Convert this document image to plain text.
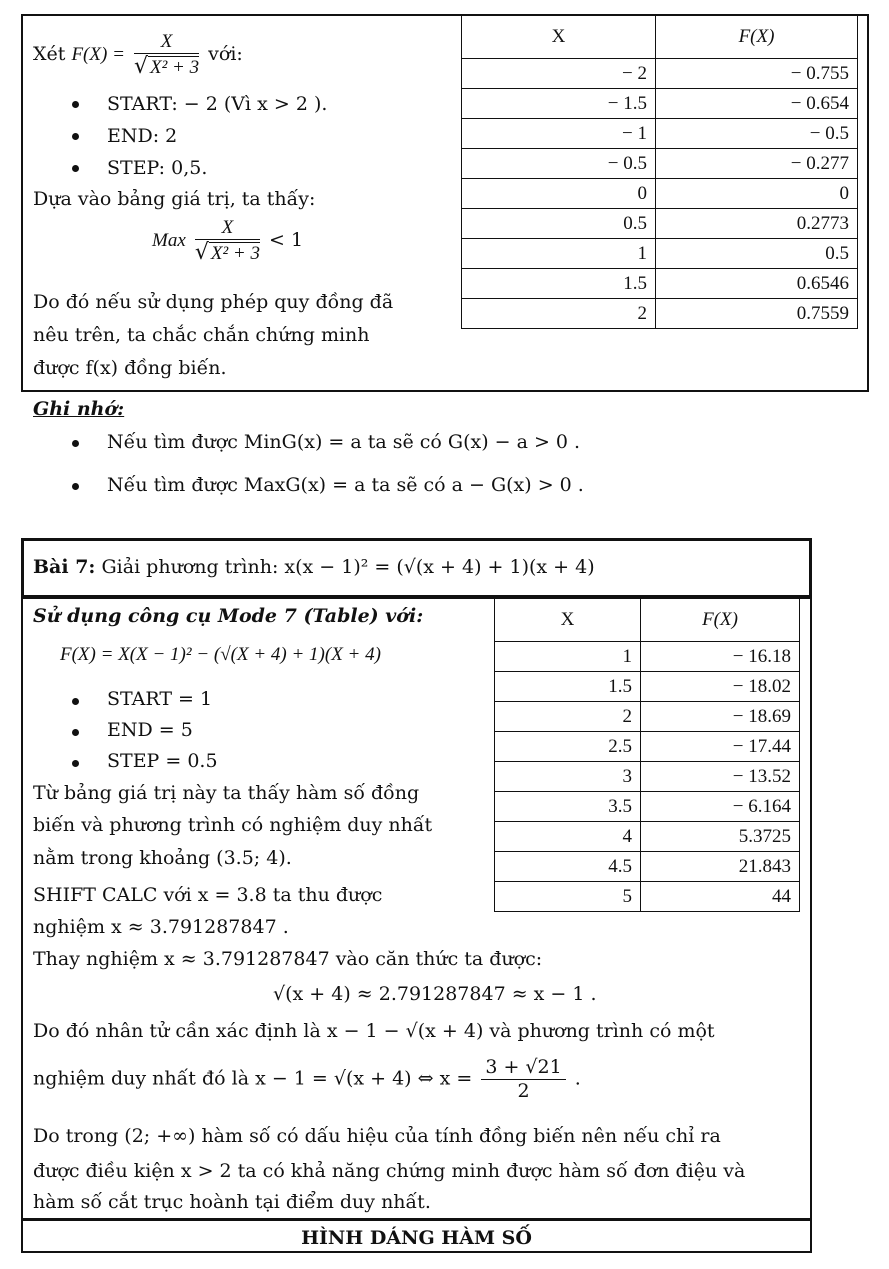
Xét $F(X) = \frac{X}{\text{√ X² + 3}}$ với:
START: − 2 (Vì x > 2 ).
END: 2
STEP: 0,5.
Dựa vào bảng giá trị, ta thấy:
Max $\frac{X}{\text{√ X² + 3}} < 1$
Do đó nếu sử dụng phép quy đồng đã
nêu trên, ta chắc chắn chứng minh
được f(x) đồng biến.
X	F(X)
− 2	− 0.755
− 1.5	− 0.654
− 1	− 0.5
− 0.5	− 0.277
0	0
0.5	0.2773
1	0.5
1.5	0.6546
2	0.7559
Ghi nhớ:
Nếu tìm được MinG(x) = a ta sẽ có G(x) − a > 0 .
Nếu tìm được MaxG(x) = a ta sẽ có a − G(x) > 0 .
Bài 7: Giải phương trình: x(x − 1)² = (√(x + 4) + 1)(x + 4)
Sử dụng công cụ Mode 7 (Table) với:
F(X) = X(X − 1)² − (√(X + 4) + 1)(X + 4)
START = 1
END = 5
STEP = 0.5
Từ bảng giá trị này ta thấy hàm số đồng
biến và phương trình có nghiệm duy nhất
nằm trong khoảng (3.5; 4).
SHIFT CALC với x = 3.8 ta thu được
nghiệm x ≈ 3.791287847 .
Thay nghiệm x ≈ 3.791287847 vào căn thức ta được:
√(x + 4) ≈ 2.791287847 ≈ x − 1 .
Do đó nhân tử cần xác định là x − 1 − √(x + 4) và phương trình có một
nghiệm duy nhất đó là x − 1 = √(x + 4) ⇔ $x = \frac{3 + √21}{2}$ .
Do trong (2; +∞) hàm số có dấu hiệu của tính đồng biến nên nếu chỉ ra
được điều kiện x > 2 ta có khả năng chứng minh được hàm số đơn điệu và
hàm số cắt trục hoành tại điểm duy nhất.
X	F(X)
1	− 16.18
1.5	− 18.02
2	− 18.69
2.5	− 17.44
3	− 13.52
3.5	− 6.164
4	5.3725
4.5	21.843
5	44
HÌNH DÁNG HÀM SỐ
